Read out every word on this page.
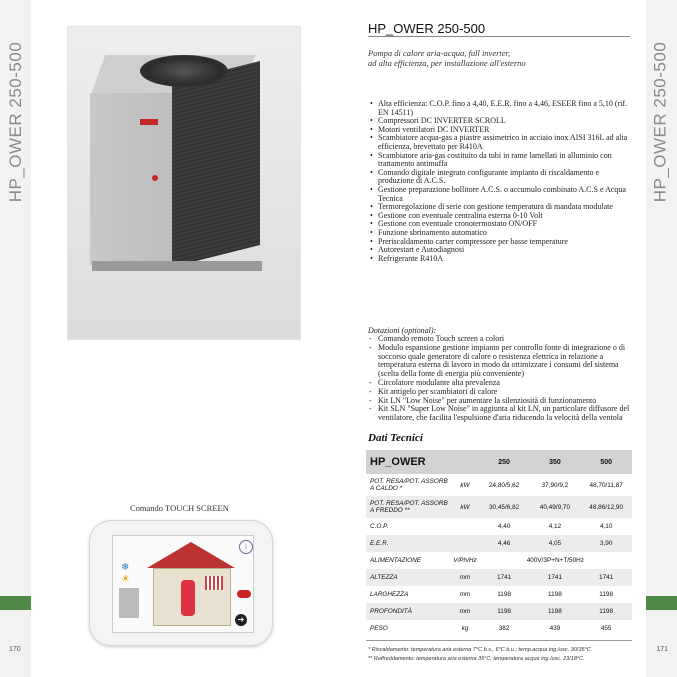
HP_OWER 250-500	HP_OWER 250-500
170	171
Comando TOUCH SCREEN
❄
☀
i
➜
HP_OWER 250-500
Pompa di calore aria-acqua, full inverter,
ad alta efficienza, per installazione all'esterno
• Alta efficienza: C.O.P. fino a 4,40, E.E.R. fino a 4,46, ESEER fino a 5,10 (rif. EN 14511)
• Compressori DC INVERTER SCROLL
• Motori ventilatori DC INVERTER
• Scambiatore acqua-gas a piastre assimetrico in acciaio inox AISI 316L ad alta efficienza, brevettato per R410A
• Scambiatore aria-gas costituito da tubi in rame lamellati in alluminio con trattamento antimuffa
• Comando digitale integrato configurante impianto di riscaldamento e produzione di A.C.S.
• Gestione preparazione bollitore A.C.S. o accumulo combinato A.C.S e Acqua Tecnica
• Termoregolazione di serie con gestione temperatura di mandata modulate
• Gestione con eventuale centralina esterna 0-10 Volt
• Gestione con eventuale cronotermostato ON/OFF
• Funzione sbrinamento automatico
• Preriscaldamento carter compressore per basse temperature
• Autorestart e Autodiagnosi
• Refrigerante R410A
Dotazioni (optional):
- Comando remoto Touch screen a colori
- Modulo espansione gestione impianto per controllo fonte di integrazione o di soccorso quale generatore di calore o resistenza elettrica in relazione a temperatura esterna di lavoro in modo da ottimizzare i consumi del sistema (scelta della fonte di energia più conveniente)
- Circolatore modulante alta prevalenza
- Kit antigelo per scambiatori di calore
- Kit LN "Low Noise" per aumentare la silenziosità di funzionamento
- Kit SLN "Super Low Noise" in aggiunta al kit LN, un particolare diffusore del ventilatore, che facilita l'espulsione d'aria riducendo la velocità della ventola
Dati Tecnici
HP_OWER		250	350	500
POT. RESA/POT. ASSORB A CALDO *	kW	24,80/5,62	37,90/9,2	48,70/11,87
POT. RESA/POT. ASSORB A FREDDO **	kW	30,45/6,82	40,49/9,70	48,86/12,90
C.O.P.		4,40	4,12	4,10
E.E.R.		4,46	4,05	3,90
ALIMENTAZIONE	V/Ph/Hz	400V/3P+N+T/50Hz		
ALTEZZA	mm	1741	1741	1741
LARGHEZZA	mm	1198	1198	1198
PROFONDITÀ	mm	1198	1198	1198
PESO	kg	382	439	455
* Riscaldamento: temperatura aria esterna 7°C b.s., 6°C b.u.; temp.acqua ing./usc. 30/35°C.
** Raffreddamento: temperatura aria esterna 35°C; temperatura acqua ing./usc. 23/18°C.
